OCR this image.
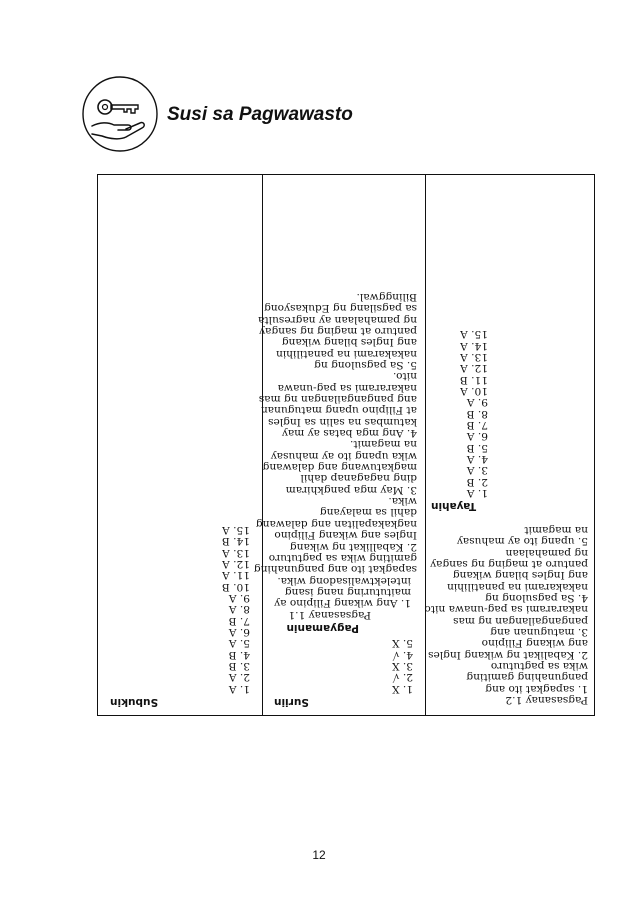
Susi sa Pagwawasto
Subukin
1. A
2. A
3. B
4. B
5. A
6. A
7. B
8. A
9. A
10. B
11. A
12. A
13. A
14. B
15. A
Suriin
1. X
2. √
3. X
4. √
5. X
Pagyamanin
Pagsasanay 1.1
1. Ang wikang Filipino ay
maituturing nang isang
intelektwalisadong wika.
sapagkat ito ang pangunahing
gamiting wika sa pagtuturo
2. Kaballikat ng wikang
Ingles ang wikang Filipino
nagkakapalitan ang dalawang
dahil sa malayang
wika.
3. May mga pangkhiram
ding nagaganap dahil
magkatuwang ang dalawang
wika upang ito ay mahusay
na magamit.
4. Ang mga batas ay may
katumbas na salin sa Ingles
at Filipino upang matugunan
ang pangangailangan ng mas
nakararami sa pag-unawa
nito.
5. Sa pagsulong ng
nakakarami na panatilihin
ang Ingles bilang wikang
panturo at maging ng sangay
ng pamahalaan ay nagresulta
sa pagsilang ng Edukasyong
Bilinggwal.
Pagsasanay 1.2
1. sapagkat ito ang
pangunahing gamiting
wika sa pagtuturo
2. Kabalikat ng wikang Ingles
ang wikang Filipino
3. matugunan ang
pangangailangan ng mas
nakararami sa pag-unawa nito
4. Sa pagsulong ng
nakakarami na panatilihin
ang Ingles bilang wikang
panturo at maging ng sangay
ng pamahalaan
5. upang ito ay mahusay
na magamit
Tayahin
1. A
2. B
3. A
4. A
5. B
6. A
7. B
8. B
9. A
10. A
11. B
12. A
13. A
14. A
15. A
12
